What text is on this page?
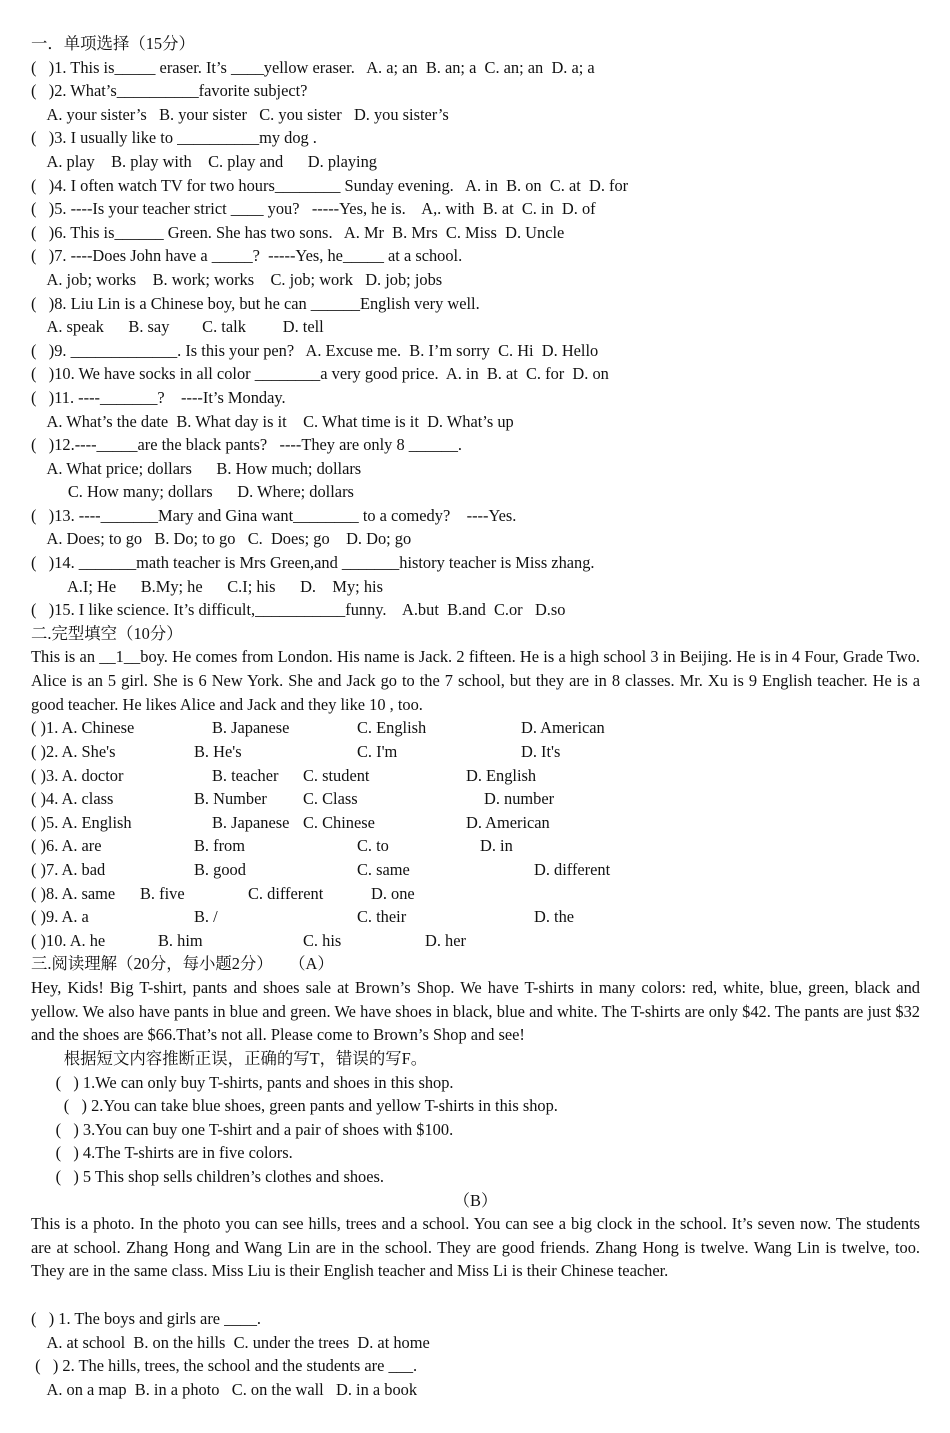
一．单项选择（15分）
(   )1. This is_____ eraser. It’s ____yellow eraser.   A. a; an  B. an; a  C. an; an  D. a; a
(   )2. What’s__________favorite subject?
A. your sister’s   B. your sister   C. you sister   D. you sister’s
(   )3. I usually like to __________my dog .
A. play    B. play with    C. play and      D. playing
(   )4. I often watch TV for two hours________ Sunday evening.   A. in  B. on  C. at  D. for
(   )5. ----Is your teacher strict ____ you?   -----Yes, he is.    A,. with  B. at  C. in  D. of
(   )6. This is______ Green. She has two sons.   A. Mr  B. Mrs  C. Miss  D. Uncle
(   )7. ----Does John have a _____?  -----Yes, he_____ at a school.
A. job; works    B. work; works    C. job; work   D. job; jobs
(   )8. Liu Lin is a Chinese boy, but he can ______English very well.
A. speak      B. say        C. talk         D. tell
(   )9. _____________. Is this your pen?   A. Excuse me.  B. I’m sorry  C. Hi  D. Hello
(   )10. We have socks in all color ________a very good price.  A. in  B. at  C. for  D. on
(   )11. ----_______?    ----It’s Monday.
A. What’s the date  B. What day is it    C. What time is it  D. What’s up
(   )12.----_____are the black pants?   ----They are only 8 ______.
A. What price; dollars      B. How much; dollars
C. How many; dollars      D. Where; dollars
(   )13. ----_______Mary and Gina want________ to a comedy?    ----Yes.
A. Does; to go   B. Do; to go   C.  Does; go    D. Do; go
(   )14. _______math teacher is Mrs Green,and _______history teacher is Miss zhang.
A.I; He      B.My; he      C.I; his      D.    My; his
(   )15. I like science. It’s difficult,___________funny.    A.but  B.and  C.or   D.so
二.完型填空（10分）
This is an __1__boy. He comes from London. His name is Jack. 2 fifteen. He is a high school 3 in Beijing. He is in 4 Four, Grade Two. Alice is an 5 girl. She is 6 New York. She and Jack go to the 7 school, but they are in 8 classes. Mr. Xu is 9 English teacher. He is a good teacher. He likes Alice and Jack and they like 10 , too.
( )1. A. Chinese	B. Japanese	C. English	D. American
( )2. A. She's	B. He's	C. I'm	D. It's
( )3. A. doctor	B. teacher C. student	D. English
( )4. A. class	B. Number C. Class	D. number
( )5. A. English	B. Japanese C. Chinese	D. American
( )6. A. are	B. from	C. to	D. in
( )7. A. bad	B. good	C. same	D. different
( )8. A. same B. five	C. different	D. one
( )9. A. a	B. /	C. their	D. the
( )10. A. he	B. him	C. his	D. her
三.阅读理解（20分，每小题2分）    （A）
Hey, Kids! Big T-shirt, pants and shoes sale at Brown’s Shop. We have T-shirts in many colors: red, white, blue, green, black and yellow. We also have pants in blue and green. We have shoes in black, blue and white. The T-shirts are only $42. The pants are just $32 and the shoes are $66.That’s not all. Please come to Brown’s Shop and see!
根据短文内容推断正误，正确的写T，错误的写F。
(   ) 1.We can only buy T-shirts, pants and shoes in this shop.
(   ) 2.You can take blue shoes, green pants and yellow T-shirts in this shop.
(   ) 3.You can buy one T-shirt and a pair of shoes with $100.
(   ) 4.The T-shirts are in five colors.
(   ) 5 This shop sells children’s clothes and shoes.
（B）
This is a photo. In the photo you can see hills, trees and a school. You can see a big clock in the school. It’s seven now. The students are at school. Zhang Hong and Wang Lin are in the school. They are good friends. Zhang Hong is twelve. Wang Lin is twelve, too. They are in the same class. Miss Liu is their English teacher and Miss Li is their Chinese teacher.
(   ) 1. The boys and girls are ____.
A. at school  B. on the hills  C. under the trees  D. at home
(   ) 2. The hills, trees, the school and the students are ___.
A. on a map  B. in a photo   C. on the wall   D. in a book
